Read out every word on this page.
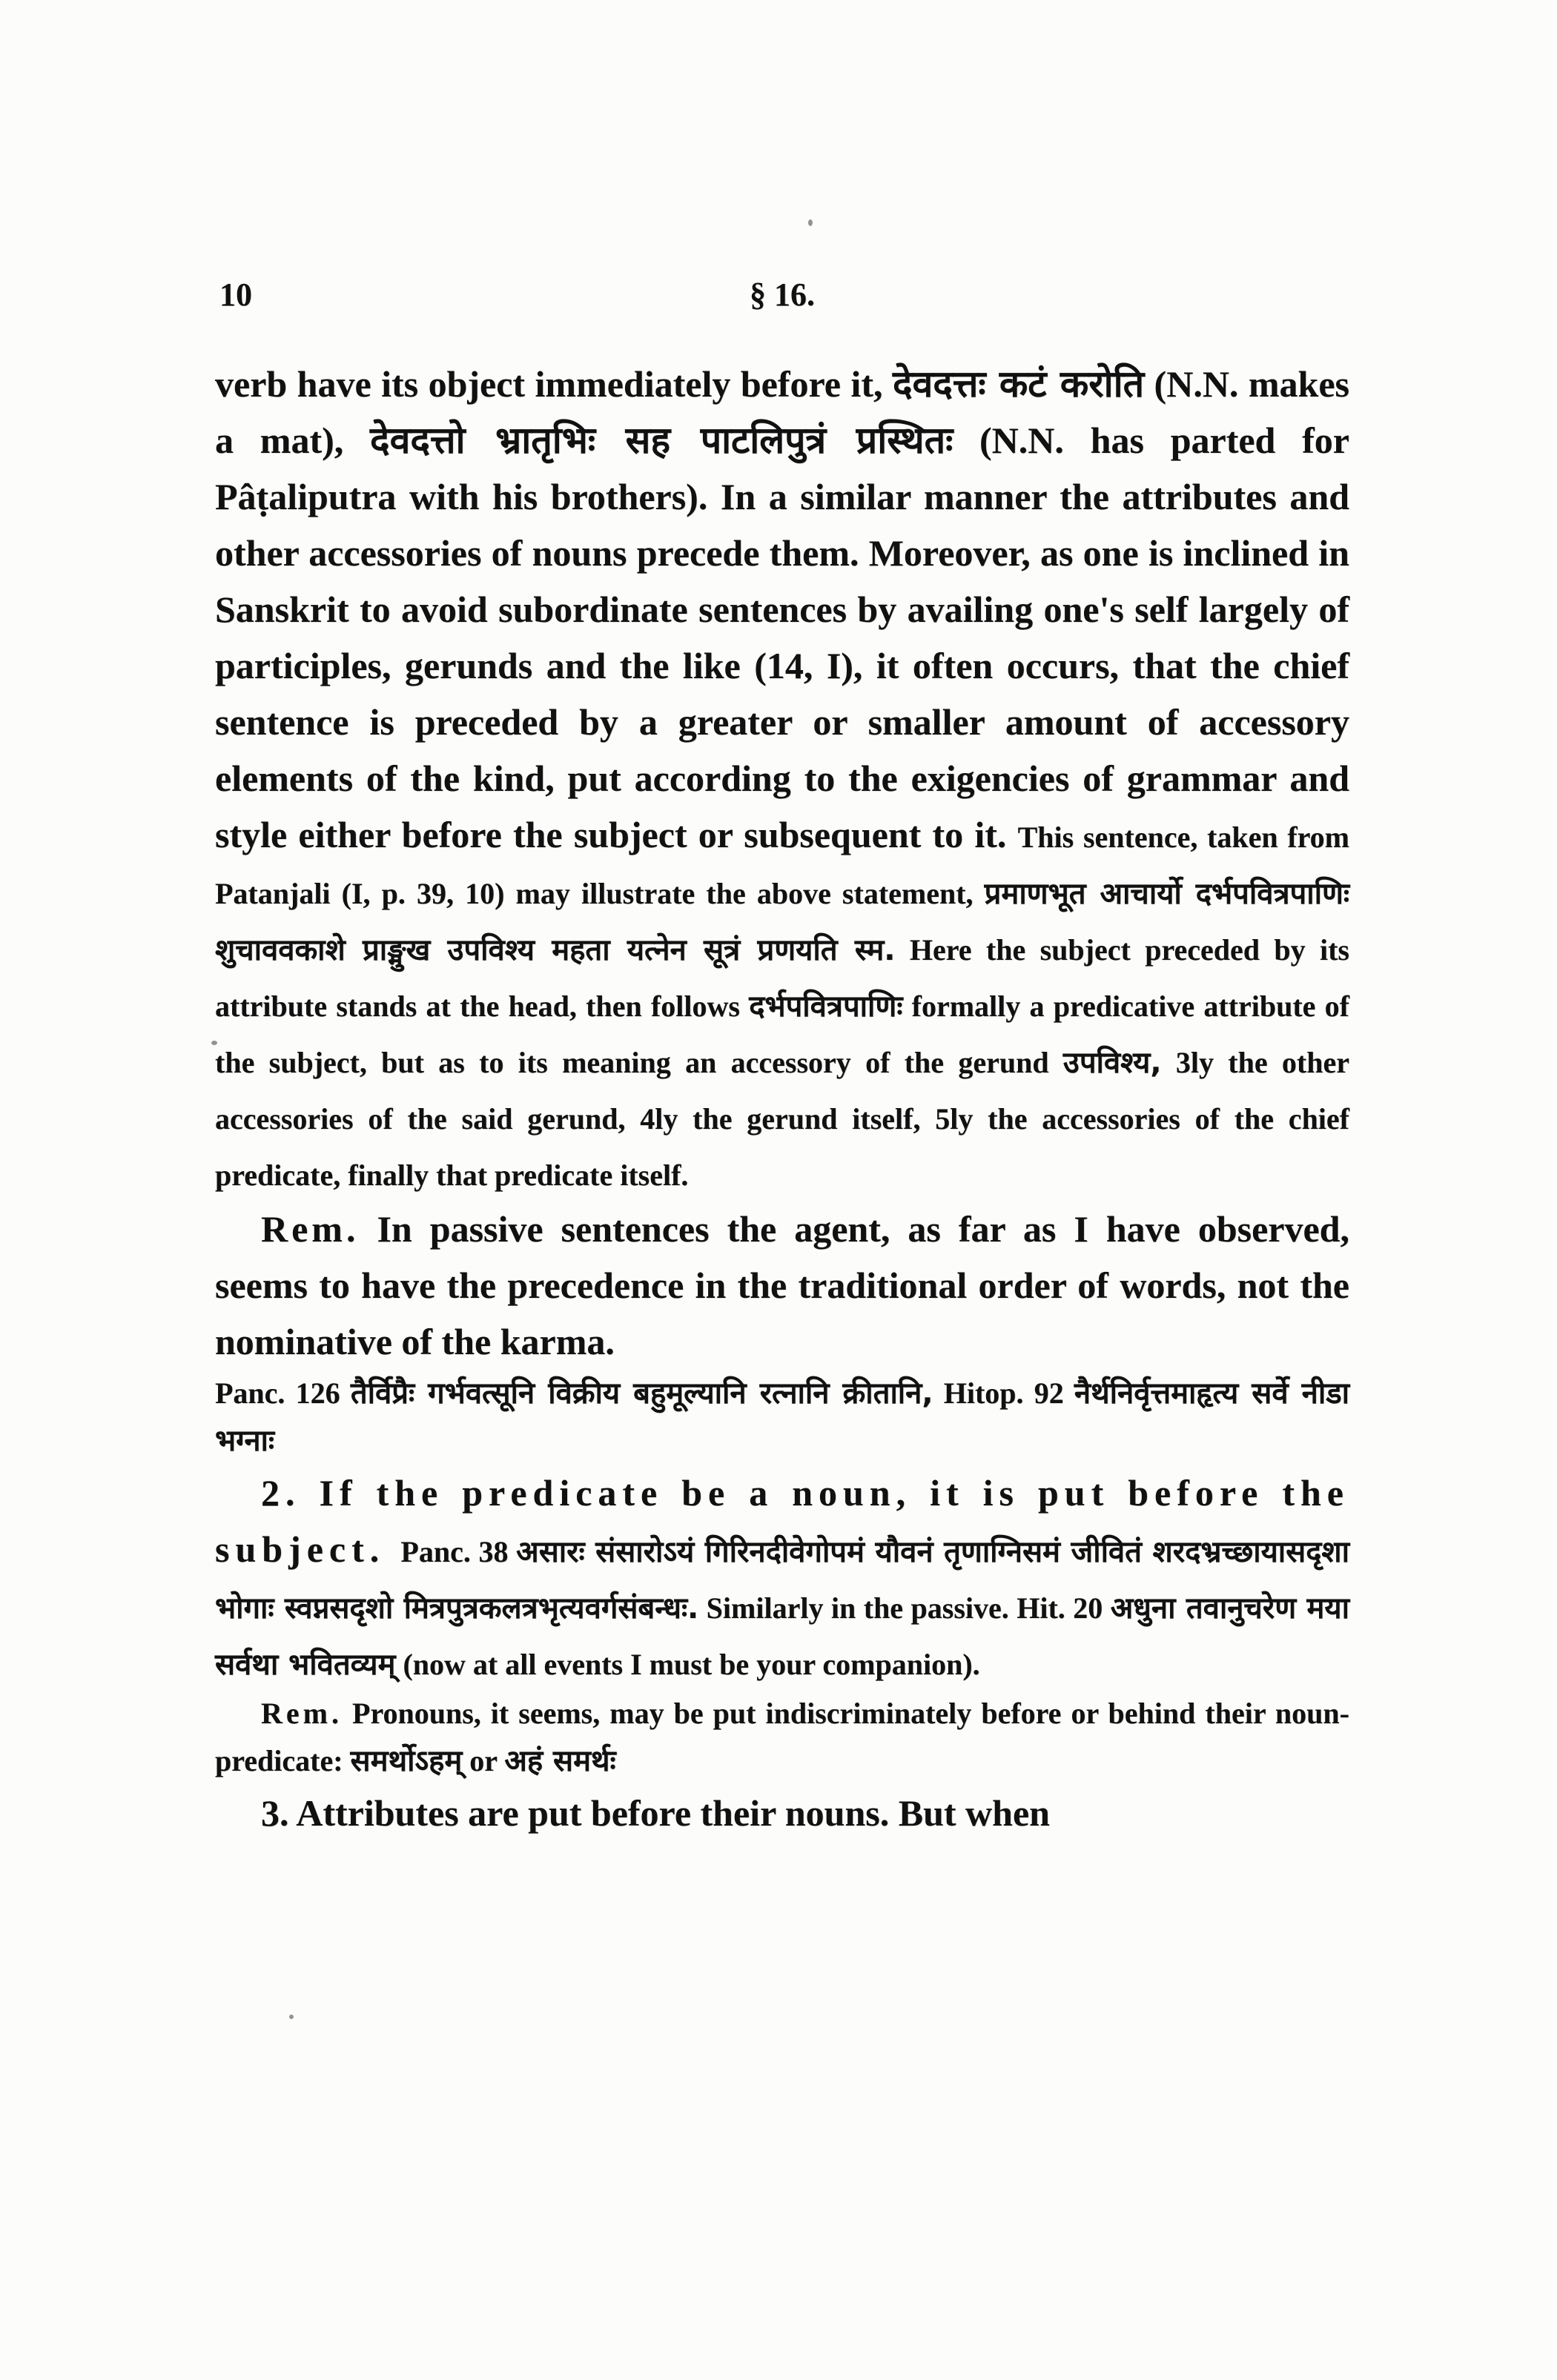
10	§ 16.

verb have its object immediately before it, देवदत्तः कटं करोति (N.N. makes a mat), देवदत्तो भ्रातृभिः सह पाटलिपुत्रं प्रस्थितः (N.N. has parted for Pâṭaliputra with his brothers). In a similar manner the attributes and other accessories of nouns precede them. Moreover, as one is inclined in Sanskrit to avoid subordinate sentences by availing one's self largely of participles, gerunds and the like (14, I), it often occurs, that the chief sentence is preceded by a greater or smaller amount of accessory elements of the kind, put according to the exigencies of grammar and style either before the subject or subsequent to it. This sentence, taken from Patanjali (I, p. 39, 10) may illustrate the above statement, प्रमाणभूत आचार्यो दर्भपवित्रपाणिः शुचाववकाशे प्राङ्मुख उपविश्य महता यत्नेन सूत्रं प्रणयति स्म. Here the subject preceded by its attribute stands at the head, then follows दर्भपवित्रपाणिः formally a predicative attribute of the subject, but as to its meaning an accessory of the gerund उपविश्य, 3ly the other accessories of the said gerund, 4ly the gerund itself, 5ly the accessories of the chief predicate, finally that predicate itself.

Rem. In passive sentences the agent, as far as I have observed, seems to have the precedence in the traditional order of words, not the nominative of the karma.

Panc. 126 तैर्विप्रैः गर्भवत्सूनि विक्रीय बहुमूल्यानि रत्नानि क्रीतानि, Hitop. 92 नैर्थनिर्वृत्तमाहृत्य सर्वे नीडा भग्नाः

2. If the predicate be a noun, it is put before the subject. Panc. 38 असारः संसारोऽयं गिरिनदीवेगोपमं यौवनं तृणाग्निसमं जीवितं शरदभ्रच्छायासदृशा भोगाः स्वप्नसदृशो मित्रपुत्रकलत्रभृत्यवर्गसंबन्धः. Similarly in the passive. Hit. 20 अधुना तवानुचरेण मया सर्वथा भवितव्यम् (now at all events I must be your companion).

Rem. Pronouns, it seems, may be put indiscriminately before or behind their noun-predicate: समर्थोऽहम् or अहं समर्थः

3. Attributes are put before their nouns. But when
